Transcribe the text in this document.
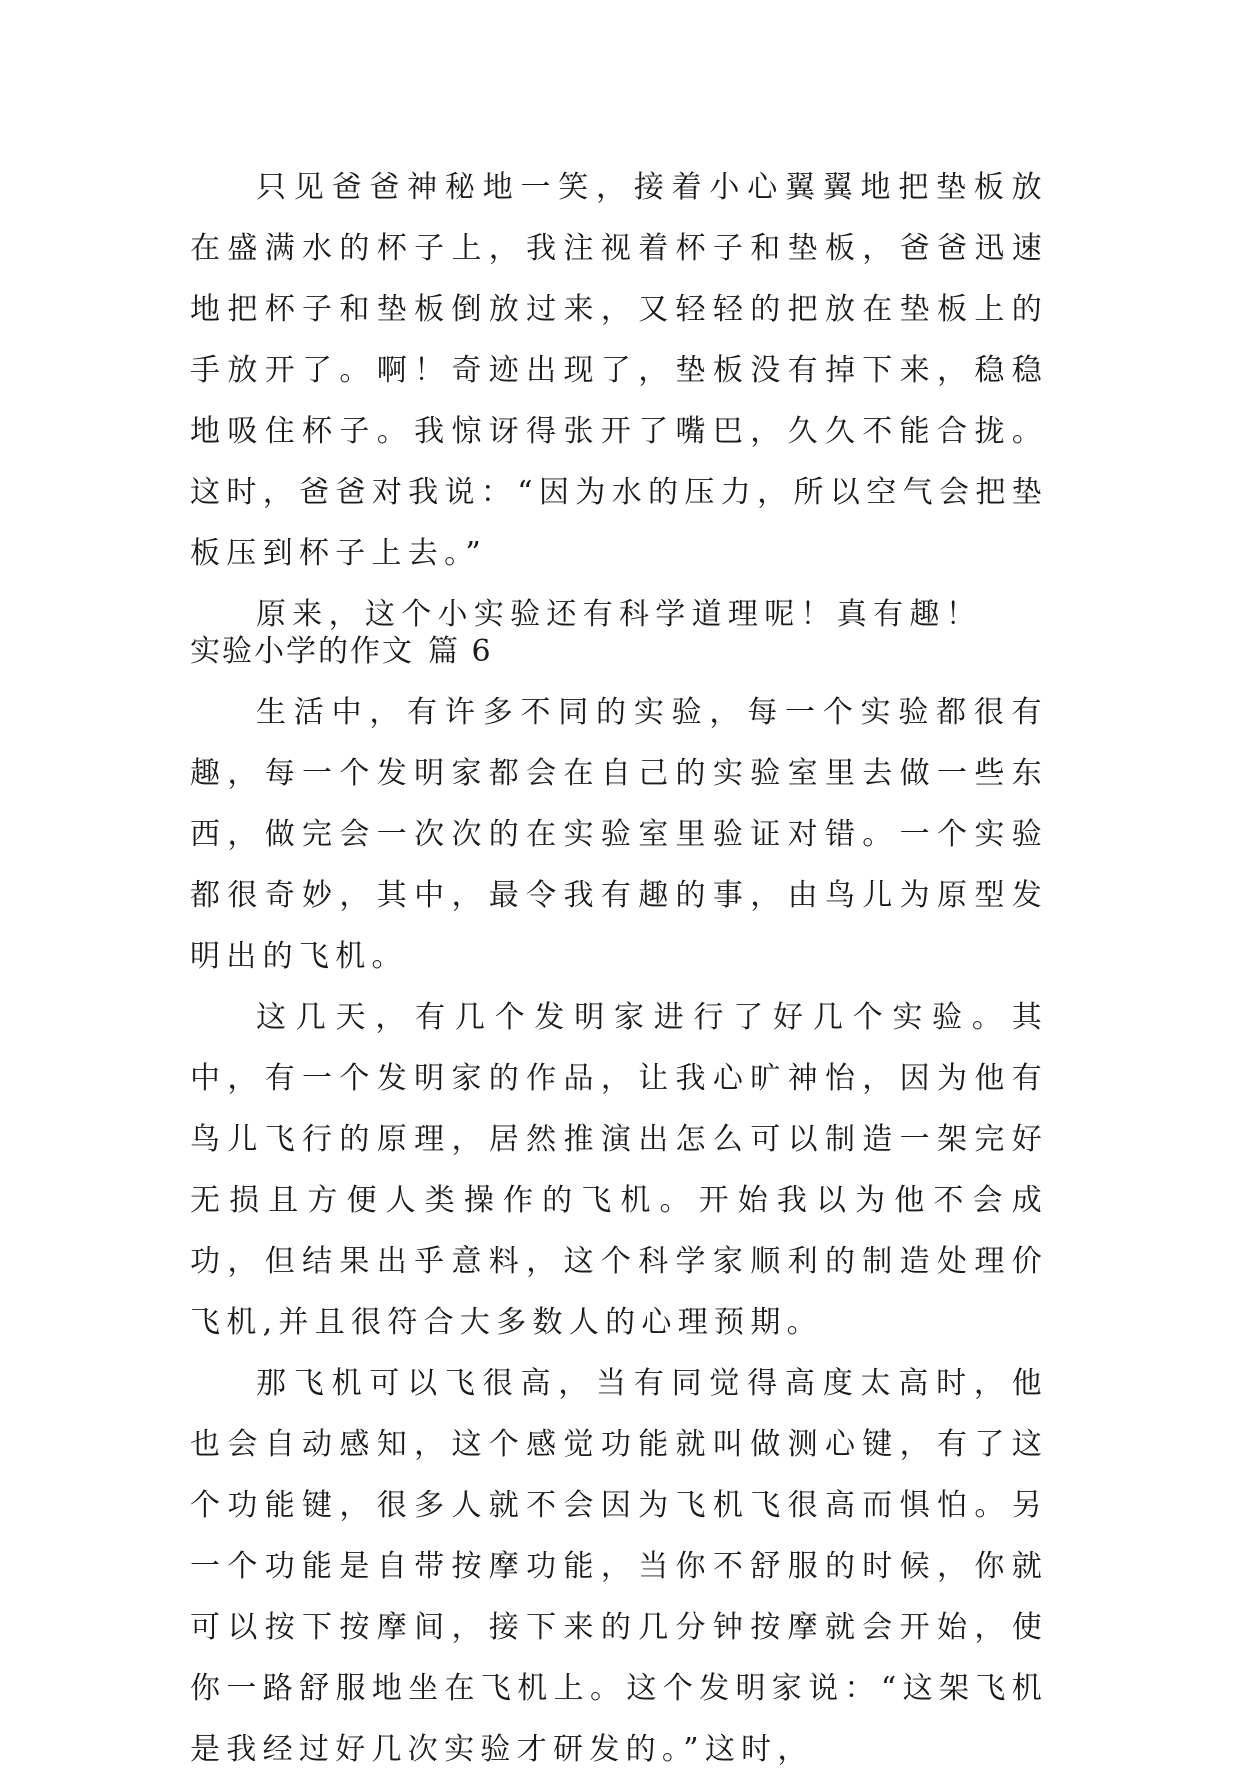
只见爸爸神秘地一笑，接着小心翼翼地把垫板放在盛满水的杯子上，我注视着杯子和垫板，爸爸迅速地把杯子和垫板倒放过来，又轻轻的把放在垫板上的手放开了。啊！奇迹出现了，垫板没有掉下来，稳稳地吸住杯子。我惊讶得张开了嘴巴，久久不能合拢。这时，爸爸对我说：“因为水的压力，所以空气会把垫板压到杯子上去。”

原来，这个小实验还有科学道理呢！真有趣！

实验小学的作文 篇 6

生活中，有许多不同的实验，每一个实验都很有趣，每一个发明家都会在自己的实验室里去做一些东西，做完会一次次的在实验室里验证对错。一个实验都很奇妙，其中，最令我有趣的事，由鸟儿为原型发明出的飞机。

这几天，有几个发明家进行了好几个实验。其中，有一个发明家的作品，让我心旷神怡，因为他有鸟儿飞行的原理，居然推演出怎么可以制造一架完好无损且方便人类操作的飞机。开始我以为他不会成功，但结果出乎意料，这个科学家顺利的制造处理价飞机,并且很符合大多数人的心理预期。

那飞机可以飞很高，当有同觉得高度太高时，他也会自动感知，这个感觉功能就叫做测心键，有了这个功能键，很多人就不会因为飞机飞很高而惧怕。另一个功能是自带按摩功能，当你不舒服的时候，你就可以按下按摩间，接下来的几分钟按摩就会开始，使你一路舒服地坐在飞机上。这个发明家说：“这架飞机是我经过好几次实验才研发的。”这时，
